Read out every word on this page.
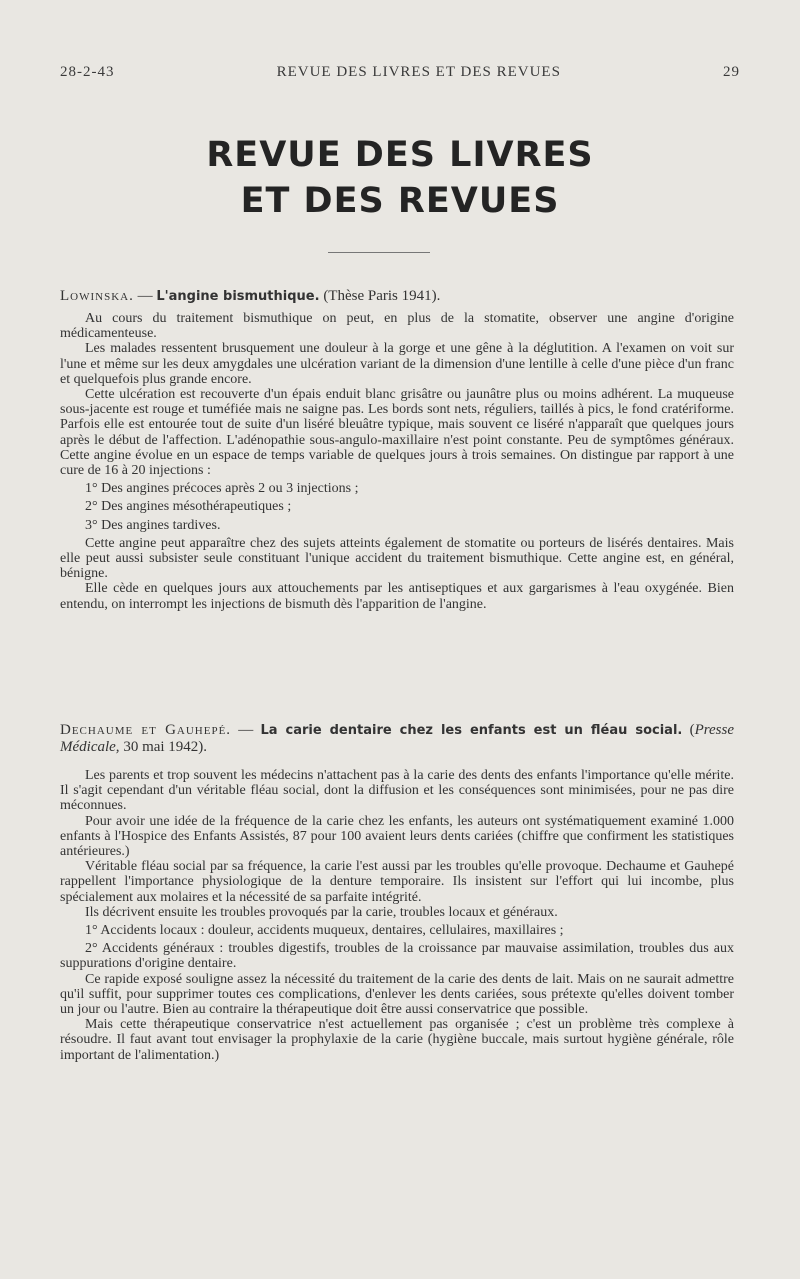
28-2-43	REVUE DES LIVRES ET DES REVUES	29
REVUE DES LIVRES
ET DES REVUES

Lowinska. — L'angine bismuthique. (Thèse Paris 1941).

Au cours du traitement bismuthique on peut, en plus de la stomatite, observer une angine d'origine médicamenteuse.

Les malades ressentent brusquement une douleur à la gorge et une gêne à la déglutition. A l'examen on voit sur l'une et même sur les deux amygdales une ulcération variant de la dimension d'une lentille à celle d'une pièce d'un franc et quelquefois plus grande encore.

Cette ulcération est recouverte d'un épais enduit blanc grisâtre ou jaunâtre plus ou moins adhérent. La muqueuse sous-jacente est rouge et tuméfiée mais ne saigne pas. Les bords sont nets, réguliers, taillés à pics, le fond cratériforme. Parfois elle est entourée tout de suite d'un liséré bleuâtre typique, mais souvent ce liséré n'apparaît que quelques jours après le début de l'affection. L'adénopathie sous-angulo-maxillaire n'est point constante. Peu de symptômes généraux. Cette angine évolue en un espace de temps variable de quelques jours à trois semaines. On distingue par rapport à une cure de 16 à 20 injections :

1° Des angines précoces après 2 ou 3 injections ;

2° Des angines mésothérapeutiques ;

3° Des angines tardives.

Cette angine peut apparaître chez des sujets atteints également de stomatite ou porteurs de lisérés dentaires. Mais elle peut aussi subsister seule constituant l'unique accident du traitement bismuthique. Cette angine est, en général, bénigne.

Elle cède en quelques jours aux attouchements par les antiseptiques et aux gargarismes à l'eau oxygénée. Bien entendu, on interrompt les injections de bismuth dès l'apparition de l'angine.

Dechaume et Gauhepé. — La carie dentaire chez les enfants est un fléau social. (Presse Médicale, 30 mai 1942).

Les parents et trop souvent les médecins n'attachent pas à la carie des dents des enfants l'importance qu'elle mérite. Il s'agit cependant d'un véritable fléau social, dont la diffusion et les conséquences sont minimisées, pour ne pas dire méconnues.

Pour avoir une idée de la fréquence de la carie chez les enfants, les auteurs ont systématiquement examiné 1.000 enfants à l'Hospice des Enfants Assistés, 87 pour 100 avaient leurs dents cariées (chiffre que confirment les statistiques antérieures.)

Véritable fléau social par sa fréquence, la carie l'est aussi par les troubles qu'elle provoque. Dechaume et Gauhepé rappellent l'importance physiologique de la denture temporaire. Ils insistent sur l'effort qui lui incombe, plus spécialement aux molaires et la nécessité de sa parfaite intégrité.

Ils décrivent ensuite les troubles provoqués par la carie, troubles locaux et généraux.

1° Accidents locaux : douleur, accidents muqueux, dentaires, cellulaires, maxillaires ;

2° Accidents généraux : troubles digestifs, troubles de la croissance par mauvaise assimilation, troubles dus aux suppurations d'origine dentaire.

Ce rapide exposé souligne assez la nécessité du traitement de la carie des dents de lait. Mais on ne saurait admettre qu'il suffit, pour supprimer toutes ces complications, d'enlever les dents cariées, sous prétexte qu'elles doivent tomber un jour ou l'autre. Bien au contraire la thérapeutique doit être aussi conservatrice que possible.

Mais cette thérapeutique conservatrice n'est actuellement pas organisée ; c'est un problème très complexe à résoudre. Il faut avant tout envisager la prophylaxie de la carie (hygiène buccale, mais surtout hygiène générale, rôle important de l'alimentation.)
